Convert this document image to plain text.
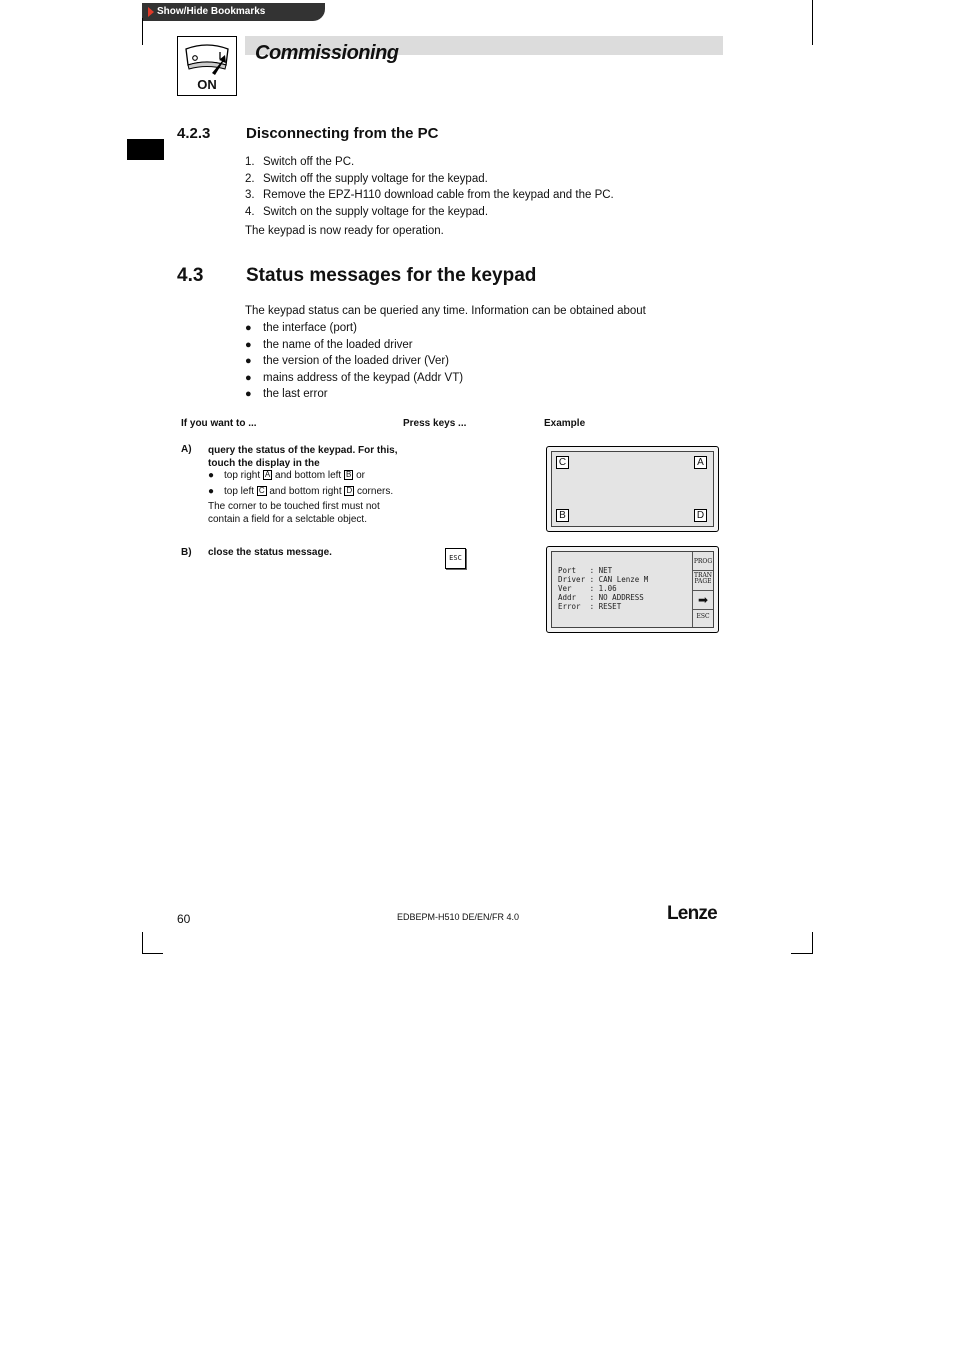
Show/Hide Bookmarks
ON
Commissioning
4.2.3 Disconnecting from the PC
1. Switch off the PC.
2. Switch off the supply voltage for the keypad.
3. Remove the EPZ-H110 download cable from the keypad and the PC.
4. Switch on the supply voltage for the keypad.
The keypad is now ready for operation.
4.3 Status messages for the keypad
The keypad status can be queried any time. Information can be obtained about
● the interface (port)
● the name of the loaded driver
● the version of the loaded driver (Ver)
● mains address of the keypad (Addr VT)
● the last error
If you want to ...	Press keys ...	Example
A) query the status of the keypad. For this,
touch the display in the
● top right A and bottom left B or
● top left C and bottom right D corners.
The corner to be touched first must not
contain a field for a selctable object.
C	A
B	D
B) close the status message.	ESC
Port   : NET
Driver : CAN Lenze M
Ver    : 1.06
Addr   : NO ADDRESS
Error  : RESET
PROG
TRAN
PAGE
➡
ESC
60	EDBEPM-H510 DE/EN/FR 4.0	Lenze
